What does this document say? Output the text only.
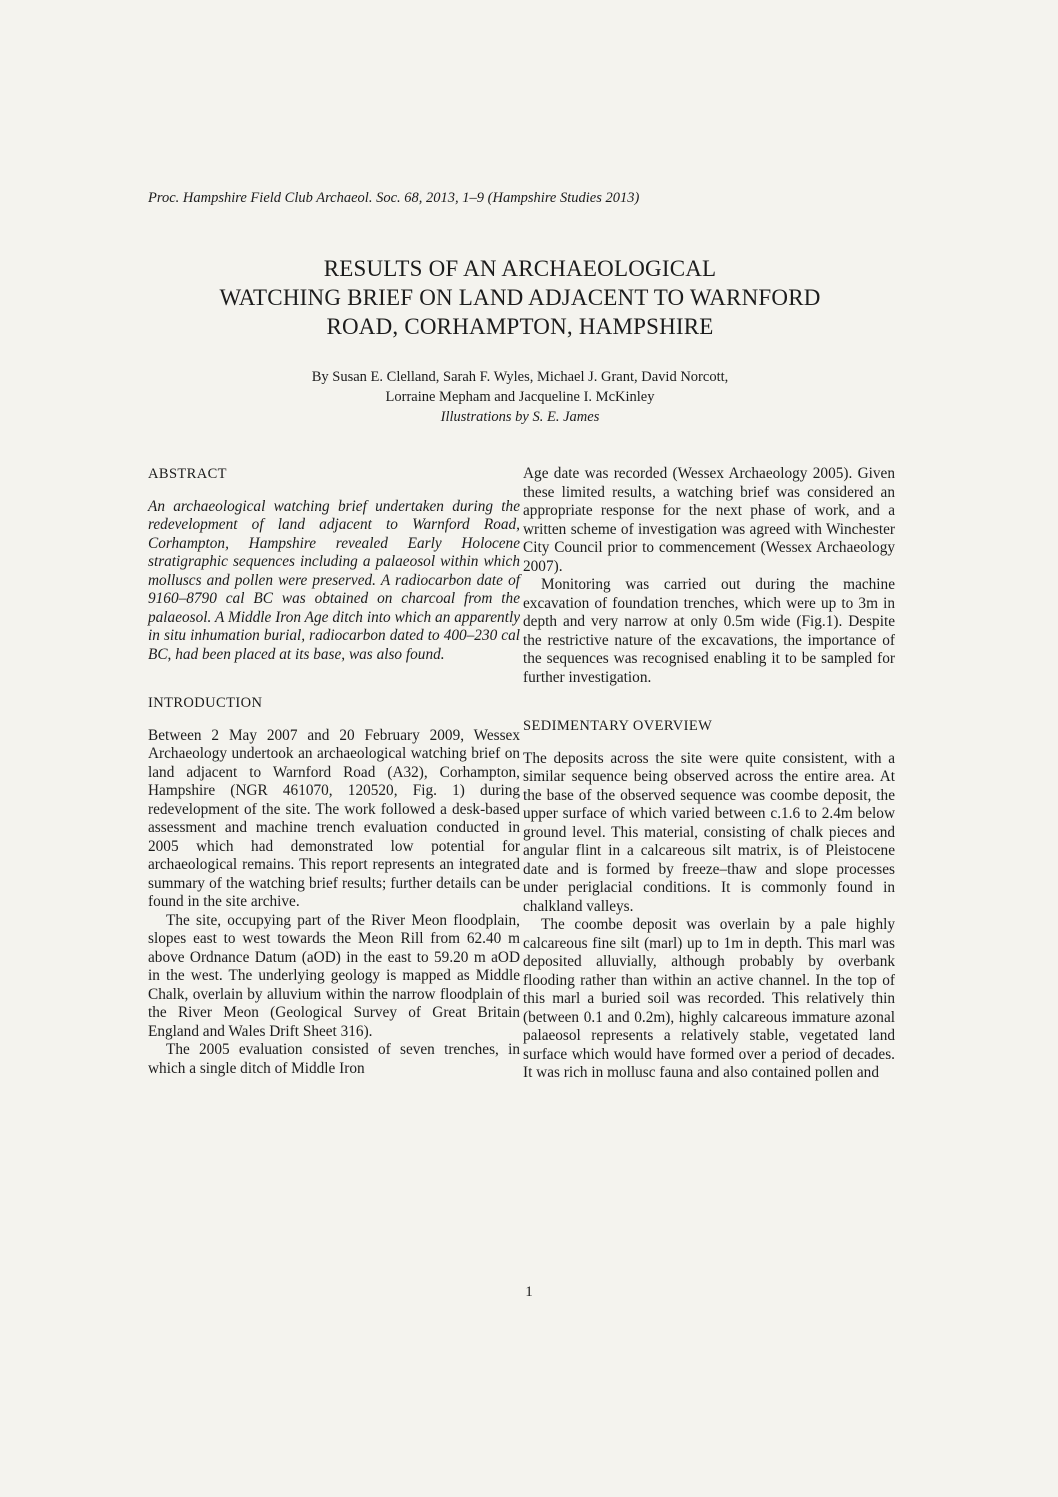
Proc. Hampshire Field Club Archaeol. Soc. 68, 2013, 1–9 (Hampshire Studies 2013)
RESULTS OF AN ARCHAEOLOGICAL
WATCHING BRIEF ON LAND ADJACENT TO WARNFORD
ROAD, CORHAMPTON, HAMPSHIRE
By Susan E. Clelland, Sarah F. Wyles, Michael J. Grant, David Norcott,
Lorraine Mepham and Jacqueline I. McKinley
Illustrations by S. E. James
ABSTRACT

An archaeological watching brief undertaken during the redevelopment of land adjacent to Warnford Road, Corhampton, Hampshire revealed Early Holocene stratigraphic sequences including a palaeosol within which molluscs and pollen were preserved. A radiocarbon date of 9160–8790 cal BC was obtained on charcoal from the palaeosol. A Middle Iron Age ditch into which an apparently in situ inhumation burial, radiocarbon dated to 400–230 cal BC, had been placed at its base, was also found.

INTRODUCTION

Between 2 May 2007 and 20 February 2009, Wessex Archaeology undertook an archaeological watching brief on land adjacent to Warnford Road (A32), Corhampton, Hampshire (NGR 461070, 120520, Fig. 1) during redevelopment of the site. The work followed a desk-based assessment and machine trench evaluation conducted in 2005 which had demonstrated low potential for archaeological remains. This report represents an integrated summary of the watching brief results; further details can be found in the site archive.

The site, occupying part of the River Meon floodplain, slopes east to west towards the Meon Rill from 62.40 m above Ordnance Datum (aOD) in the east to 59.20 m aOD in the west. The underlying geology is mapped as Middle Chalk, overlain by alluvium within the narrow floodplain of the River Meon (Geological Survey of Great Britain England and Wales Drift Sheet 316).

The 2005 evaluation consisted of seven trenches, in which a single ditch of Middle Iron

Age date was recorded (Wessex Archaeology 2005). Given these limited results, a watching brief was considered an appropriate response for the next phase of work, and a written scheme of investigation was agreed with Winchester City Council prior to commencement (Wessex Archaeology 2007).

Monitoring was carried out during the machine excavation of foundation trenches, which were up to 3m in depth and very narrow at only 0.5m wide (Fig.1). Despite the restrictive nature of the excavations, the importance of the sequences was recognised enabling it to be sampled for further investigation.

SEDIMENTARY OVERVIEW

The deposits across the site were quite consistent, with a similar sequence being observed across the entire area. At the base of the observed sequence was coombe deposit, the upper surface of which varied between c.1.6 to 2.4m below ground level. This material, consisting of chalk pieces and angular flint in a calcareous silt matrix, is of Pleistocene date and is formed by freeze–thaw and slope processes under periglacial conditions. It is commonly found in chalkland valleys.

The coombe deposit was overlain by a pale highly calcareous fine silt (marl) up to 1m in depth. This marl was deposited alluvially, although probably by overbank flooding rather than within an active channel. In the top of this marl a buried soil was recorded. This relatively thin (between 0.1 and 0.2m), highly calcareous immature azonal palaeosol represents a relatively stable, vegetated land surface which would have formed over a period of decades. It was rich in mollusc fauna and also contained pollen and

1
